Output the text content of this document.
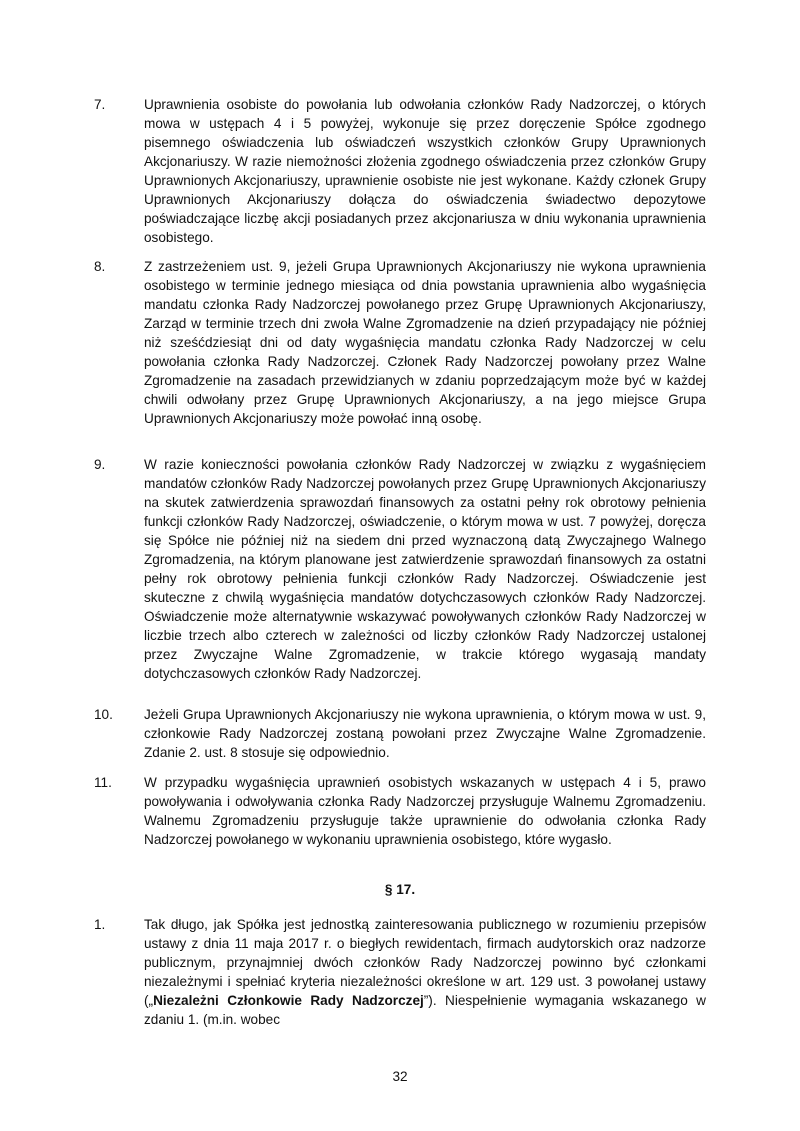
7.	Uprawnienia osobiste do powołania lub odwołania członków Rady Nadzorczej, o których mowa w ustępach 4 i 5 powyżej, wykonuje się przez doręczenie Spółce zgodnego pisemnego oświadczenia lub oświadczeń wszystkich członków Grupy Uprawnionych Akcjonariuszy. W razie niemożności złożenia zgodnego oświadczenia przez członków Grupy Uprawnionych Akcjonariuszy, uprawnienie osobiste nie jest wykonane. Każdy członek Grupy Uprawnionych Akcjonariuszy dołącza do oświadczenia świadectwo depozytowe poświadczające liczbę akcji posiadanych przez akcjonariusza w dniu wykonania uprawnienia osobistego.
8.	Z zastrzeżeniem ust. 9, jeżeli Grupa Uprawnionych Akcjonariuszy nie wykona uprawnienia osobistego w terminie jednego miesiąca od dnia powstania uprawnienia albo wygaśnięcia mandatu członka Rady Nadzorczej powołanego przez Grupę Uprawnionych Akcjonariuszy, Zarząd w terminie trzech dni zwoła Walne Zgromadzenie na dzień przypadający nie później niż sześćdziesiąt dni od daty wygaśnięcia mandatu członka Rady Nadzorczej w celu powołania członka Rady Nadzorczej. Członek Rady Nadzorczej powołany przez Walne Zgromadzenie na zasadach przewidzianych w zdaniu poprzedzającym może być w każdej chwili odwołany przez Grupę Uprawnionych Akcjonariuszy, a na jego miejsce Grupa Uprawnionych Akcjonariuszy może powołać inną osobę.
9.	W razie konieczności powołania członków Rady Nadzorczej w związku z wygaśnięciem mandatów członków Rady Nadzorczej powołanych przez Grupę Uprawnionych Akcjonariuszy na skutek zatwierdzenia sprawozdań finansowych za ostatni pełny rok obrotowy pełnienia funkcji członków Rady Nadzorczej, oświadczenie, o którym mowa w ust. 7 powyżej, doręcza się Spółce nie później niż na siedem dni przed wyznaczoną datą Zwyczajnego Walnego Zgromadzenia, na którym planowane jest zatwierdzenie sprawozdań finansowych za ostatni pełny rok obrotowy pełnienia funkcji członków Rady Nadzorczej. Oświadczenie jest skuteczne z chwilą wygaśnięcia mandatów dotychczasowych członków Rady Nadzorczej. Oświadczenie może alternatywnie wskazywać powoływanych członków Rady Nadzorczej w liczbie trzech albo czterech w zależności od liczby członków Rady Nadzorczej ustalonej przez Zwyczajne Walne Zgromadzenie, w trakcie którego wygasają mandaty dotychczasowych członków Rady Nadzorczej.
10. Jeżeli Grupa Uprawnionych Akcjonariuszy nie wykona uprawnienia, o którym mowa w ust. 9, członkowie Rady Nadzorczej zostaną powołani przez Zwyczajne Walne Zgromadzenie. Zdanie 2. ust. 8 stosuje się odpowiednio.
11. W przypadku wygaśnięcia uprawnień osobistych wskazanych w ustępach 4 i 5, prawo powoływania i odwoływania członka Rady Nadzorczej przysługuje Walnemu Zgromadzeniu. Walnemu Zgromadzeniu przysługuje także uprawnienie do odwołania członka Rady Nadzorczej powołanego w wykonaniu uprawnienia osobistego, które wygasło.
§ 17.
1.	Tak długo, jak Spółka jest jednostką zainteresowania publicznego w rozumieniu przepisów ustawy z dnia 11 maja 2017 r. o biegłych rewidentach, firmach audytorskich oraz nadzorze publicznym, przynajmniej dwóch członków Rady Nadzorczej powinno być członkami niezależnymi i spełniać kryteria niezależności określone w art. 129 ust. 3 powołanej ustawy („Niezależni Członkowie Rady Nadzorczej”). Niespełnienie wymagania wskazanego w zdaniu 1. (m.in. wobec
32
